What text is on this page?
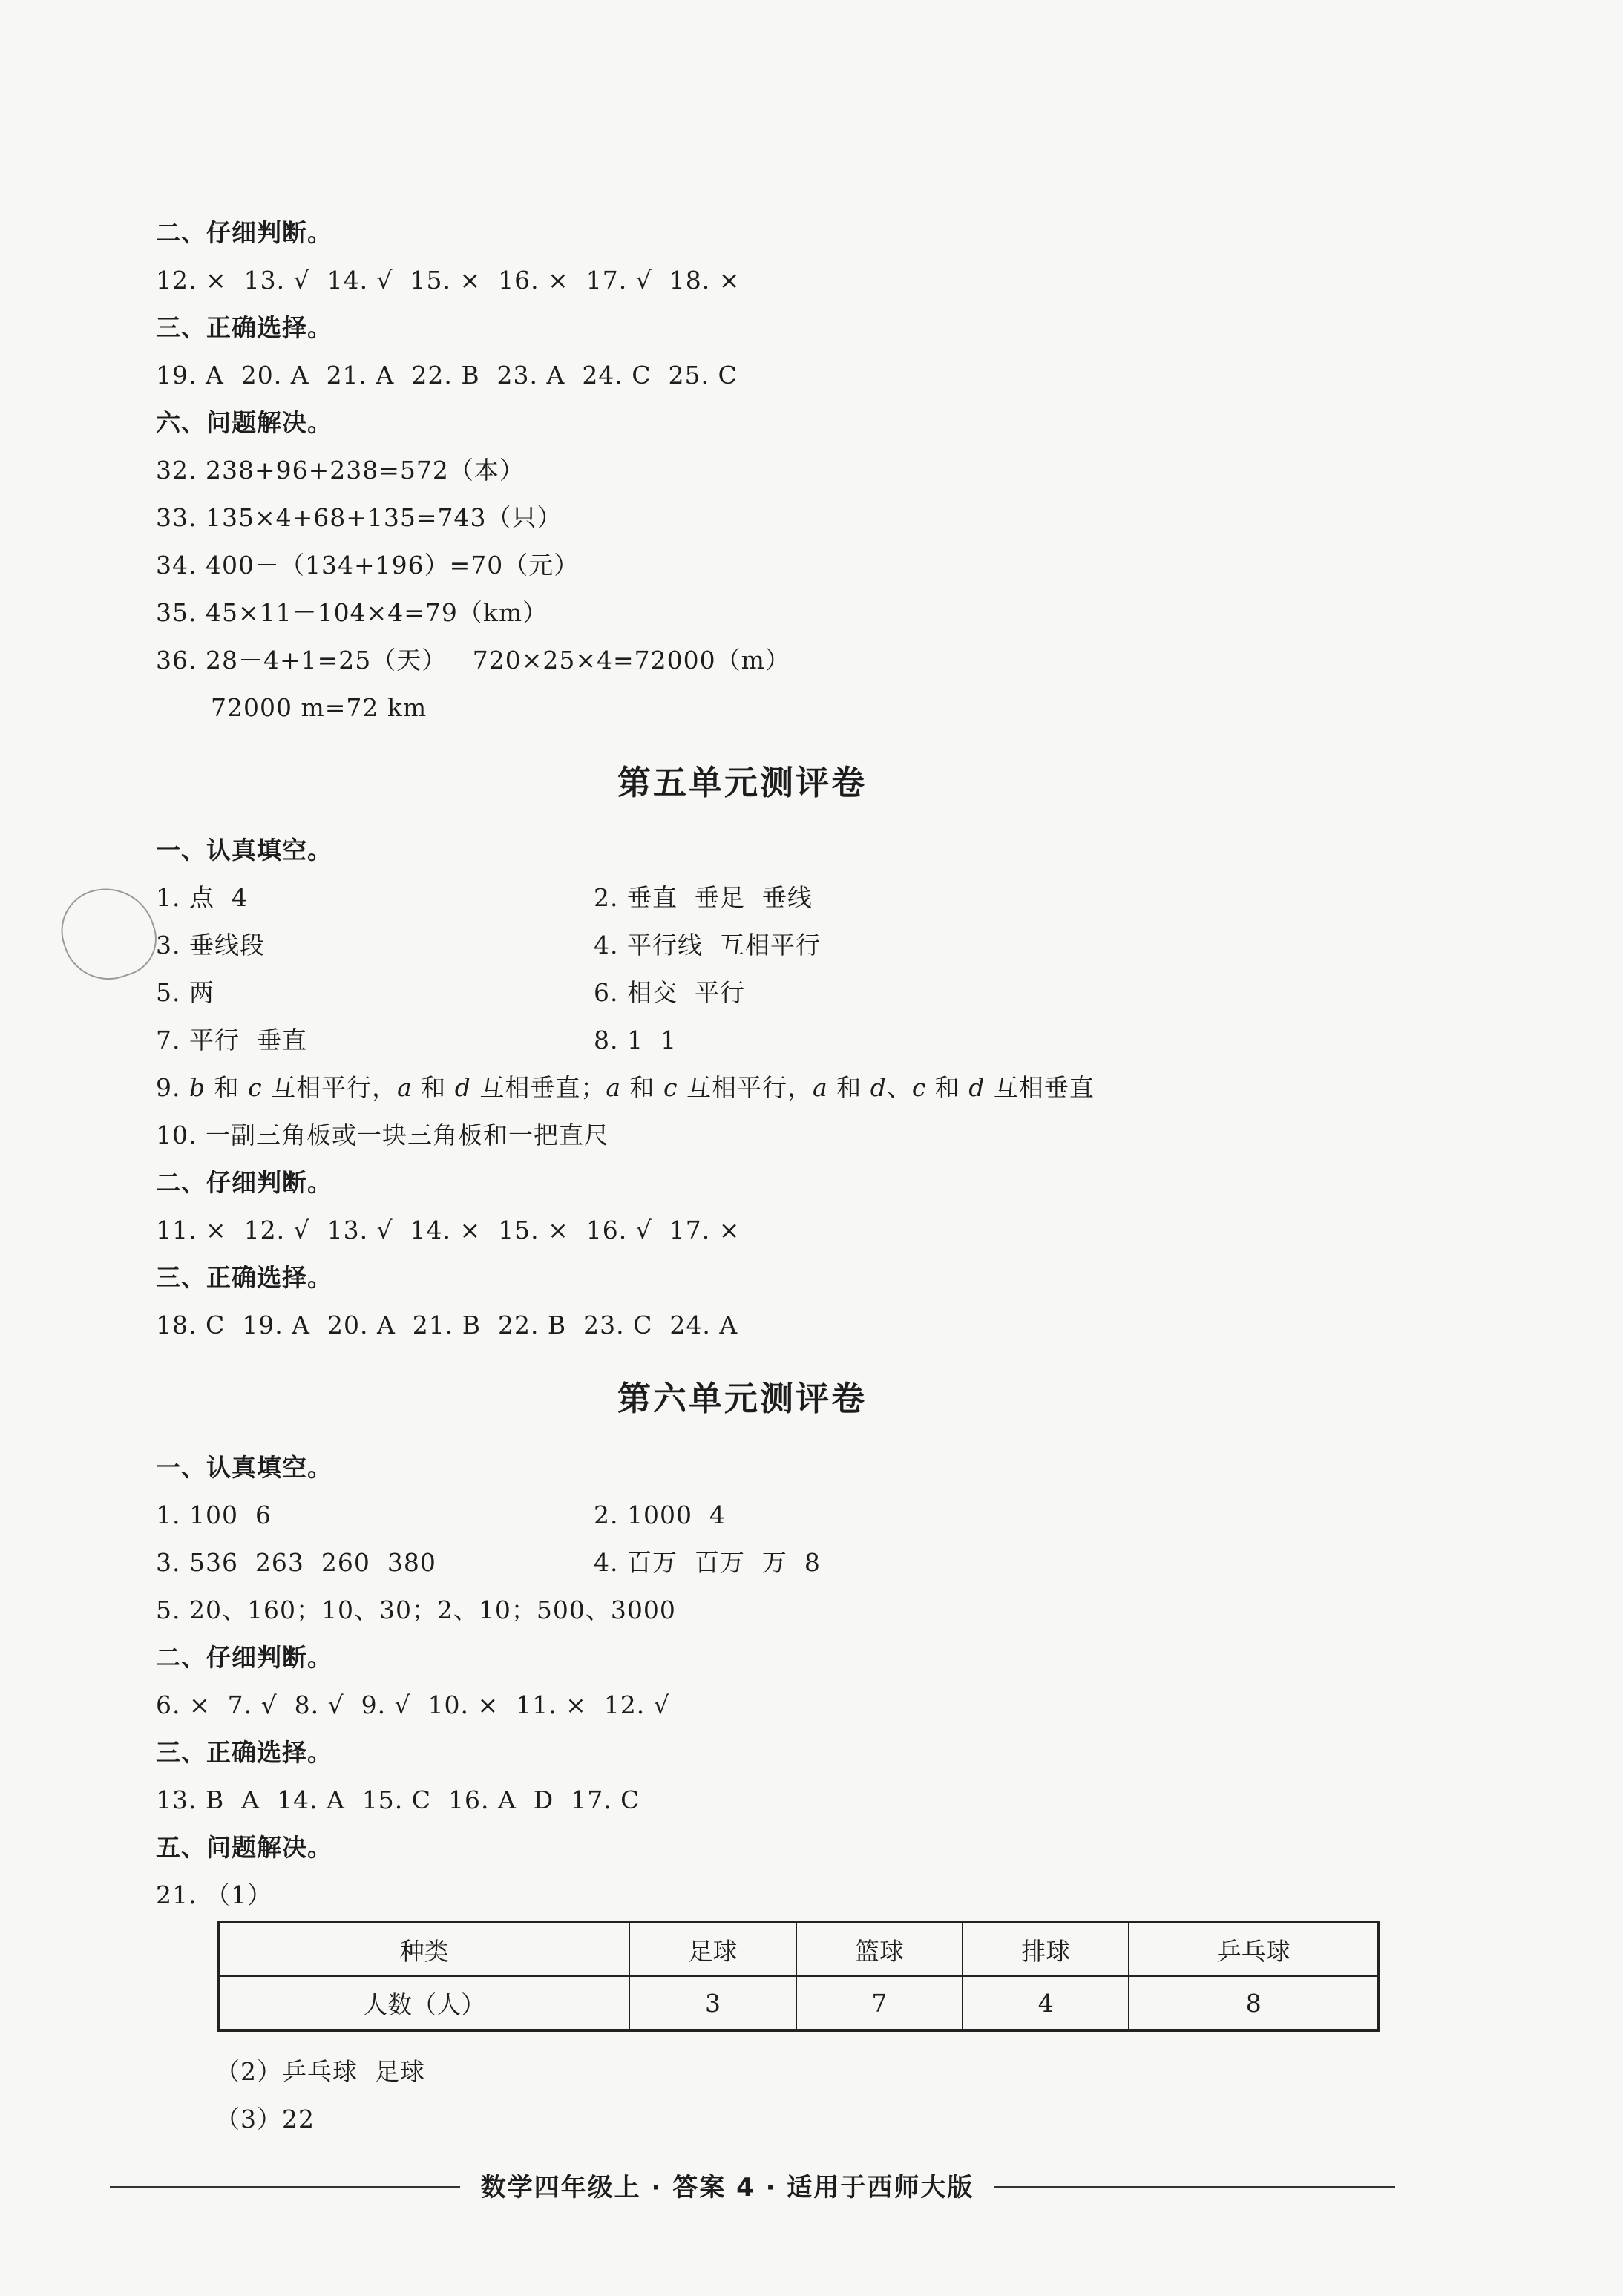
二、仔细判断。
12. ×  13. √  14. √  15. ×  16. ×  17. √  18. ×
三、正确选择。
19. A  20. A  21. A  22. B  23. A  24. C  25. C
六、问题解决。
32. 238+96+238=572（本）
33. 135×4+68+135=743（只）
34. 400－（134+196）=70（元）
35. 45×11－104×4=79（km）
36. 28－4+1=25（天）   720×25×4=72000（m）
72000 m=72 km
第五单元测评卷
一、认真填空。
1. 点  4	2. 垂直  垂足  垂线
3. 垂线段	4. 平行线  互相平行
5. 两	6. 相交  平行
7. 平行  垂直	8. 1  1
9. b 和 c 互相平行，a 和 d 互相垂直；a 和 c 互相平行，a 和 d、c 和 d 互相垂直
10. 一副三角板或一块三角板和一把直尺
二、仔细判断。
11. ×  12. √  13. √  14. ×  15. ×  16. √  17. ×
三、正确选择。
18. C  19. A  20. A  21. B  22. B  23. C  24. A
第六单元测评卷
一、认真填空。
1. 100  6	2. 1000  4
3. 536  263  260  380	4. 百万  百万  万  8
5. 20、160；10、30；2、10；500、3000
二、仔细判断。
6. ×  7. √  8. √  9. √  10. ×  11. ×  12. √
三、正确选择。
13. B  A  14. A  15. C  16. A  D  17. C
五、问题解决。
21. （1）
种类	足球	篮球	排球	乒乓球
人数（人）	3	7	4	8
（2）乒乓球  足球
（3）22
数学四年级上 · 答案 4 · 适用于西师大版
